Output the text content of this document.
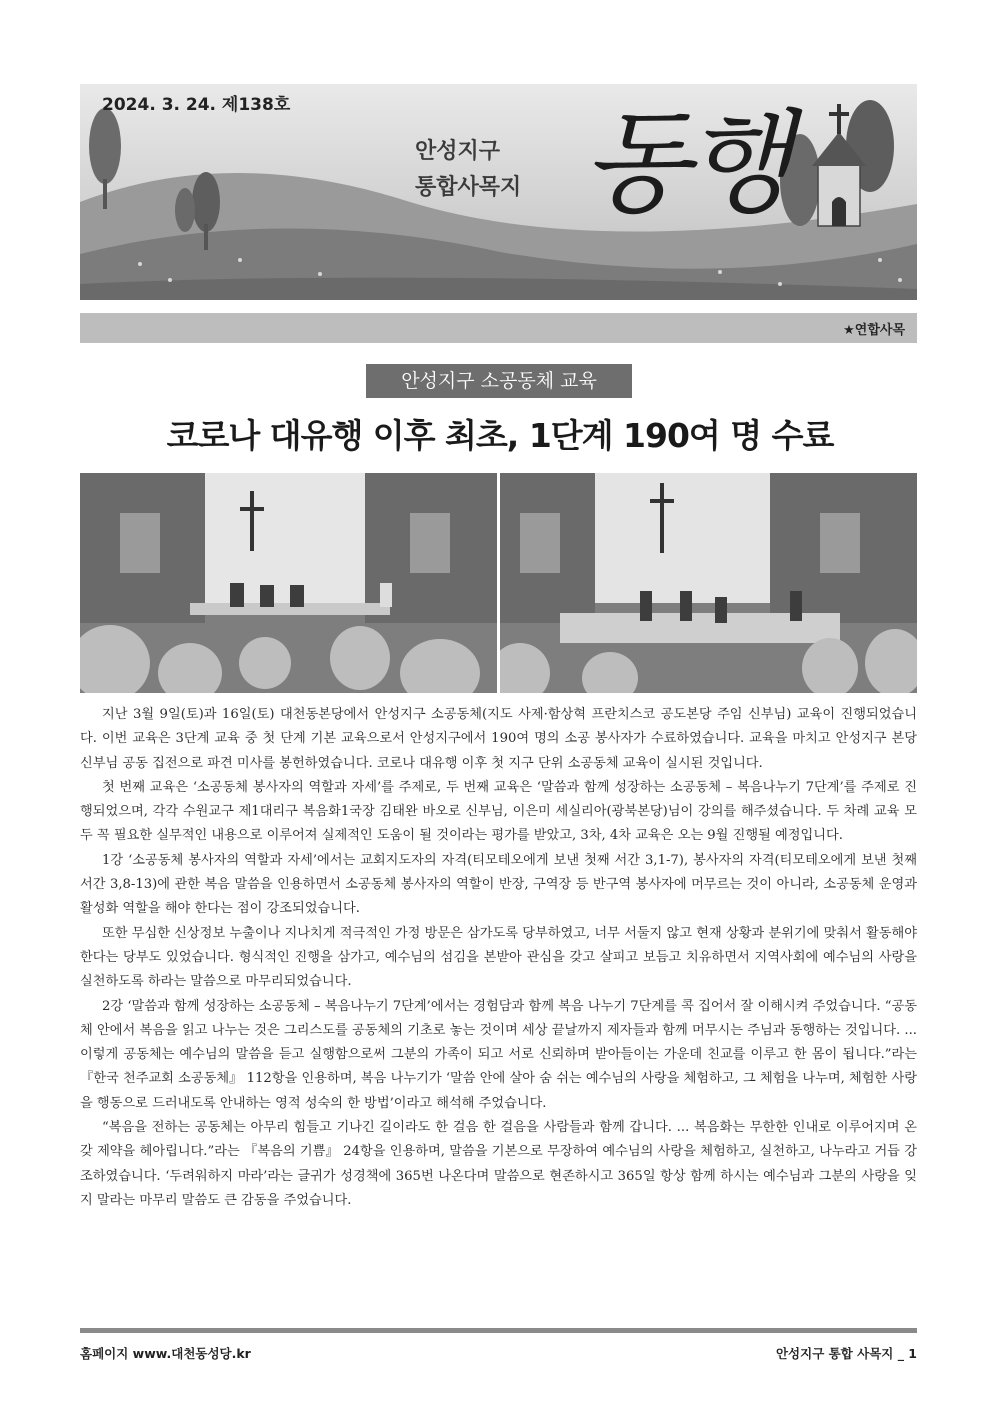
2024. 3. 24. 제138호
안성지구
통합사목지 동행
★연합사목
안성지구 소공동체 교육
코로나 대유행 이후 최초, 1단계 190여 명 수료

지난 3월 9일(토)과 16일(토) 대천동본당에서 안성지구 소공동체(지도 사제·함상혁 프란치스코 공도본당 주임 신부님) 교육이 진행되었습니다. 이번 교육은 3단계 교육 중 첫 단계 기본 교육으로서 안성지구에서 190여 명의 소공 봉사자가 수료하였습니다. 교육을 마치고 안성지구 본당 신부님 공동 집전으로 파견 미사를 봉헌하였습니다. 코로나 대유행 이후 첫 지구 단위 소공동체 교육이 실시된 것입니다.

첫 번째 교육은 ‘소공동체 봉사자의 역할과 자세’를 주제로, 두 번째 교육은 ‘말씀과 함께 성장하는 소공동체 – 복음나누기 7단계’를 주제로 진행되었으며, 각각 수원교구 제1대리구 복음화1국장 김태완 바오로 신부님, 이은미 세실리아(광북본당)님이 강의를 해주셨습니다. 두 차례 교육 모두 꼭 필요한 실무적인 내용으로 이루어져 실제적인 도움이 될 것이라는 평가를 받았고, 3차, 4차 교육은 오는 9월 진행될 예정입니다.

1강 ‘소공동체 봉사자의 역할과 자세’에서는 교회지도자의 자격(티모테오에게 보낸 첫째 서간 3,1-7), 봉사자의 자격(티모테오에게 보낸 첫째 서간 3,8-13)에 관한 복음 말씀을 인용하면서 소공동체 봉사자의 역할이 반장, 구역장 등 반구역 봉사자에 머무르는 것이 아니라, 소공동체 운영과 활성화 역할을 해야 한다는 점이 강조되었습니다.

또한 무심한 신상정보 누출이나 지나치게 적극적인 가정 방문은 삼가도록 당부하였고, 너무 서둘지 않고 현재 상황과 분위기에 맞춰서 활동해야 한다는 당부도 있었습니다. 형식적인 진행을 삼가고, 예수님의 섬김을 본받아 관심을 갖고 살피고 보듬고 치유하면서 지역사회에 예수님의 사랑을 실천하도록 하라는 말씀으로 마무리되었습니다.

2강 ‘말씀과 함께 성장하는 소공동체 – 복음나누기 7단계’에서는 경험담과 함께 복음 나누기 7단계를 콕 집어서 잘 이해시켜 주었습니다. “공동체 안에서 복음을 읽고 나누는 것은 그리스도를 공동체의 기초로 놓는 것이며 세상 끝날까지 제자들과 함께 머무시는 주님과 동행하는 것입니다. ... 이렇게 공동체는 예수님의 말씀을 듣고 실행함으로써 그분의 가족이 되고 서로 신뢰하며 받아들이는 가운데 친교를 이루고 한 몸이 됩니다.”라는 『한국 천주교회 소공동체』 112항을 인용하며, 복음 나누기가 ‘말씀 안에 살아 숨 쉬는 예수님의 사랑을 체험하고, 그 체험을 나누며, 체험한 사랑을 행동으로 드러내도록 안내하는 영적 성숙의 한 방법’이라고 해석해 주었습니다.

“복음을 전하는 공동체는 아무리 힘들고 기나긴 길이라도 한 걸음 한 걸음을 사람들과 함께 갑니다. ... 복음화는 무한한 인내로 이루어지며 온갖 제약을 헤아립니다.”라는 『복음의 기쁨』 24항을 인용하며, 말씀을 기본으로 무장하여 예수님의 사랑을 체험하고, 실천하고, 나누라고 거듭 강조하였습니다. ‘두려워하지 마라’라는 글귀가 성경책에 365번 나온다며 말씀으로 현존하시고 365일 항상 함께 하시는 예수님과 그분의 사랑을 잊지 말라는 마무리 말씀도 큰 감동을 주었습니다.

홈페이지 www.대천동성당.kr	안성지구 통합 사목지 _ 1
